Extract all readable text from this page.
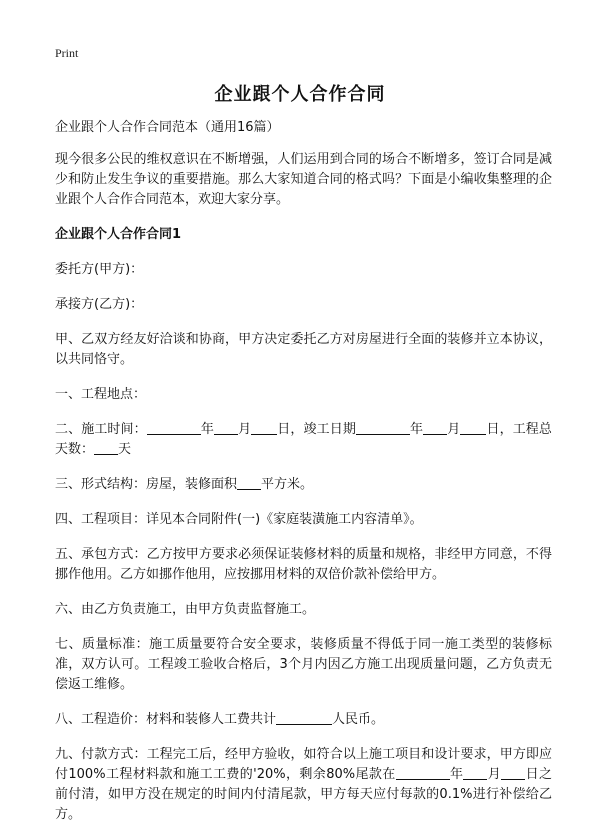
Print
企业跟个人合作合同

企业跟个人合作合同范本（通用16篇）

现今很多公民的维权意识在不断增强，人们运用到合同的场合不断增多，签订合同是减少和防止发生争议的重要措施。那么大家知道合同的格式吗？下面是小编收集整理的企业跟个人合作合同范本，欢迎大家分享。

企业跟个人合作合同1

委托方(甲方)：

承接方(乙方)：

甲、乙双方经友好洽谈和协商，甲方决定委托乙方对房屋进行全面的装修并立本协议，以共同恪守。

一、工程地点：

二、施工时间：	年 月 日，竣工日期	年 月 日，工程总天数： 天

三、形式结构：房屋，装修面积 平方米。

四、工程项目：详见本合同附件(一)《家庭装潢施工内容清单》。

五、承包方式：乙方按甲方要求必须保证装修材料的质量和规格，非经甲方同意，不得挪作他用。乙方如挪作他用，应按挪用材料的双倍价款补偿给甲方。

六、由乙方负责施工，由甲方负责监督施工。

七、质量标准：施工质量要符合安全要求，装修质量不得低于同一施工类型的装修标准，双方认可。工程竣工验收合格后，3个月内因乙方施工出现质量问题，乙方负责无偿返工维修。

八、工程造价：材料和装修人工费共计	人民币。

九、付款方式：工程完工后，经甲方验收，如符合以上施工项目和设计要求，甲方即应付100%工程材料款和施工工费的'20%，剩余80%尾款在	年 月 日之前付清，如甲方没在规定的时间内付清尾款，甲方每天应付每款的0.1%进行补偿给乙方。
